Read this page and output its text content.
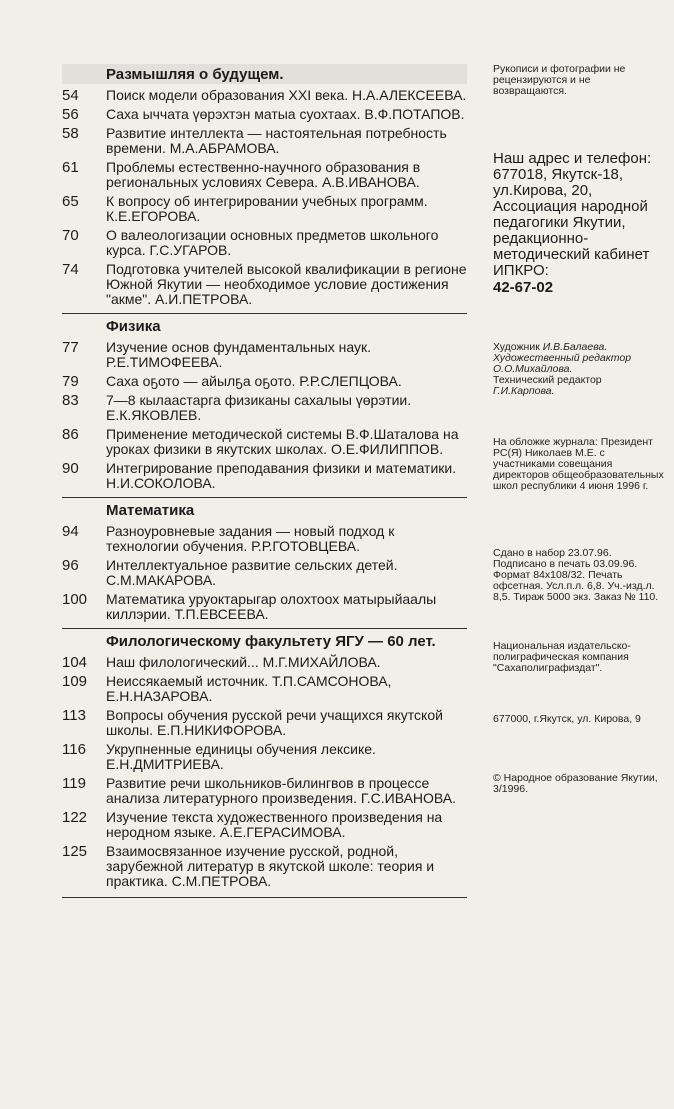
Размышляя о будущем.
54	Поиск модели образования XXI века. Н.А.АЛЕКСЕЕВА.
56	Саха ыччата үөрэхтэн матыа суохтаах. В.Ф.ПОТАПОВ.
58	Развитие интеллекта — настоятельная потребность времени. М.А.АБРАМОВА.
61	Проблемы естественно-научного образования в региональных условиях Севера. А.В.ИВАНОВА.
65	К вопросу об интегрировании учебных программ. К.Е.ЕГОРОВА.
70	О валеологизации основных предметов школьного курса. Г.С.УГАРОВ.
74	Подготовка учителей высокой квалификации в регионе Южной Якутии — необходимое условие достижения "акме". А.И.ПЕТРОВА.
Физика
77	Изучение основ фундаментальных наук. Р.Е.ТИМОФЕЕВА.
79	Саха оҕото — айылҕа оҕото. Р.Р.СЛЕПЦОВА.
83	7—8 кылаастарга физиканы сахалыы үөрэтии. Е.К.ЯКОВЛЕВ.
86	Применение методической системы В.Ф.Шаталова на уроках физики в якутских школах. О.Е.ФИЛИППОВ.
90	Интегрирование преподавания физики и математики. Н.И.СОКОЛОВА.
Математика
94	Разноуровневые задания — новый подход к технологии обучения. Р.Р.ГОТОВЦЕВА.
96	Интеллектуальное развитие сельских детей. С.М.МАКАРОВА.
100	Математика уруоктарыгар олохтоох матырыйаалы киллэрии. Т.П.ЕВСЕЕВА.
Филологическому факультету ЯГУ — 60 лет.
104	Наш филологический... М.Г.МИХАЙЛОВА.
109	Неиссякаемый источник. Т.П.САМСОНОВА, Е.Н.НАЗАРОВА.
113	Вопросы обучения русской речи учащихся якутской школы. Е.П.НИКИФОРОВА.
116	Укрупненные единицы обучения лексике. Е.Н.ДМИТРИЕВА.
119	Развитие речи школьников-билингвов в процессе анализа литературного произведения. Г.С.ИВАНОВА.
122	Изучение текста художественного произведения на неродном языке. А.Е.ГЕРАСИМОВА.
125	Взаимосвязанное изучение русской, родной, зарубежной литератур в якутской школе: теория и практика. С.М.ПЕТРОВА.
Рукописи и фотографии не рецензируются и не возвращаются.
Наш адрес и телефон: 677018, Якутск-18, ул.Кирова, 20, Ассоциация народной педагогики Якутии, редакционно-методический кабинет ИПКРО:
42-67-02
Художник И.В.Балаева.
Художественный редактор О.О.Михайлова.
Технический редактор Г.И.Карпова.
На обложке журнала: Президент РС(Я) Николаев М.Е. с участниками совещания директоров общеобразовательных школ республики 4 июня 1996 г.
Сдано в набор 23.07.96. Подписано в печать 03.09.96. Формат 84х108/32. Печать офсетная. Усл.п.л. 6,8. Уч.-изд.л. 8,5. Тираж 5000 экз. Заказ № 110.
Национальная издательско-полиграфическая компания "Сахаполиграфиздат".
677000, г.Якутск, ул. Кирова, 9
© Народное образование Якутии, 3/1996.
